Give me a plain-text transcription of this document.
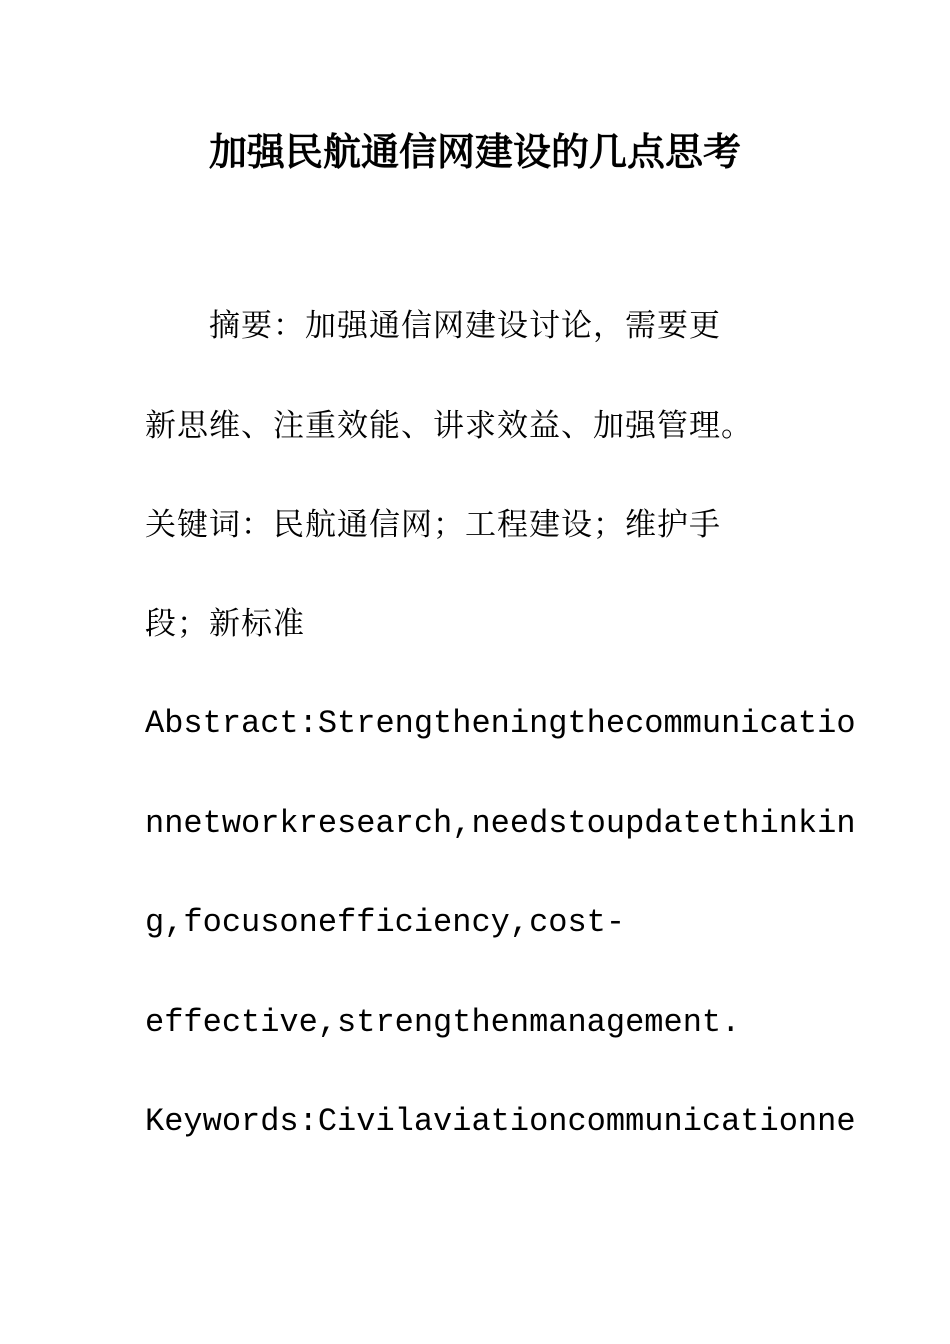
加强民航通信网建设的几点思考
　　摘要：加强通信网建设讨论，需要更
新思维、注重效能、讲求效益、加强管理。
关键词：民航通信网；工程建设；维护手
段；新标准
Abstract:Strengtheningthecommunicatio
nnetworkresearch,needstoupdatethinkin
g,focusonefficiency,cost-
effective,strengthenmanagement.
Keywords:Civilaviationcommunicationne
